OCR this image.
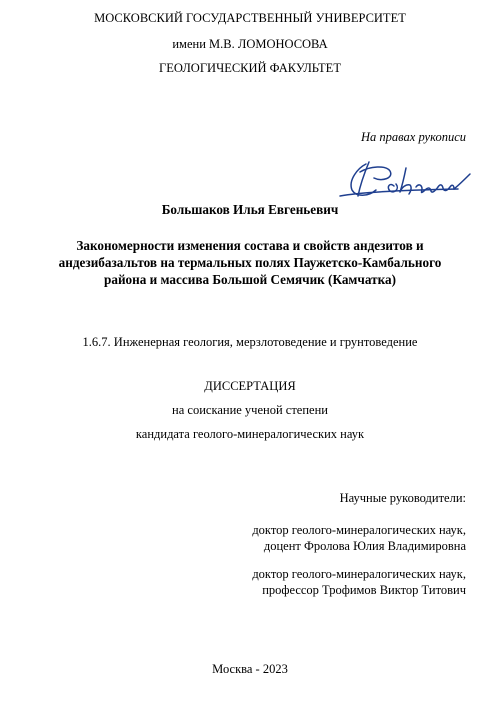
МОСКОВСКИЙ ГОСУДАРСТВЕННЫЙ УНИВЕРСИТЕТ
имени М.В. ЛОМОНОСОВА
ГЕОЛОГИЧЕСКИЙ ФАКУЛЬТЕТ
На правах рукописи
Большаков Илья Евгеньевич
Закономерности изменения состава и свойств андезитов и
андезибазальтов на термальных полях Паужетско-Камбального
района и массива Большой Семячик (Камчатка)
1.6.7. Инженерная геология, мерзлотоведение и грунтоведение
ДИССЕРТАЦИЯ
на соискание ученой степени
кандидата геолого-минералогических наук
Научные руководители:
доктор геолого-минералогических наук,
доцент Фролова Юлия Владимировна
доктор геолого-минералогических наук,
профессор Трофимов Виктор Титович
Москва - 2023
